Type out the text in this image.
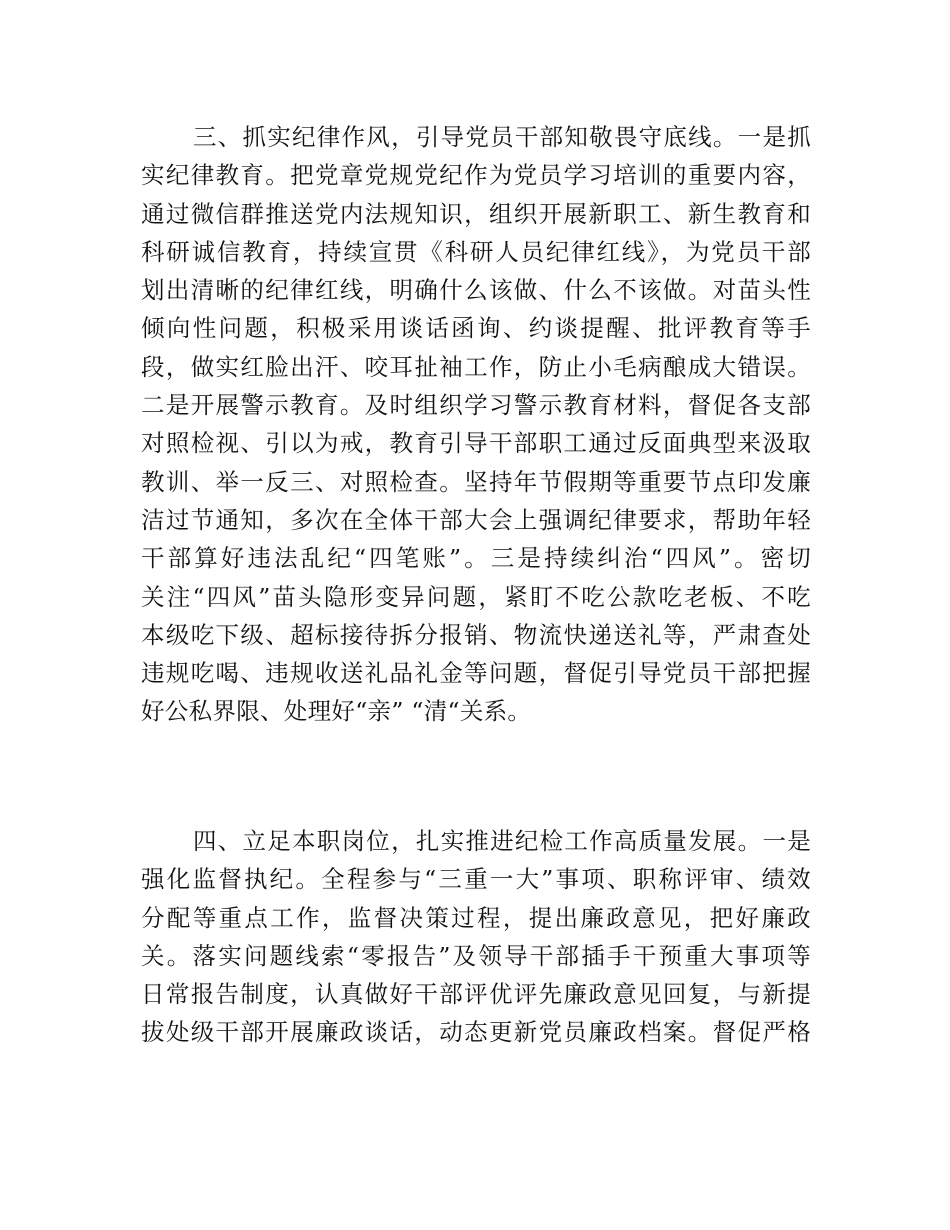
三、抓实纪律作风，引导党员干部知敬畏守底线。一是抓
实纪律教育。把党章党规党纪作为党员学习培训的重要内容，
通过微信群推送党内法规知识，组织开展新职工、新生教育和
科研诚信教育，持续宣贯《科研人员纪律红线》，为党员干部
划出清晰的纪律红线，明确什么该做、什么不该做。对苗头性
倾向性问题，积极采用谈话函询、约谈提醒、批评教育等手
段，做实红脸出汗、咬耳扯袖工作，防止小毛病酿成大错误。
二是开展警示教育。及时组织学习警示教育材料，督促各支部
对照检视、引以为戒，教育引导干部职工通过反面典型来汲取
教训、举一反三、对照检查。坚持年节假期等重要节点印发廉
洁过节通知，多次在全体干部大会上强调纪律要求，帮助年轻
干部算好违法乱纪“四笔账”。三是持续纠治“四风”。密切
关注“四风”苗头隐形变异问题，紧盯不吃公款吃老板、不吃
本级吃下级、超标接待拆分报销、物流快递送礼等，严肃查处
违规吃喝、违规收送礼品礼金等问题，督促引导党员干部把握
好公私界限、处理好“亲” “清“关系。
四、立足本职岗位，扎实推进纪检工作高质量发展。一是
强化监督执纪。全程参与“三重一大”事项、职称评审、绩效
分配等重点工作，监督决策过程，提出廉政意见，把好廉政
关。落实问题线索“零报告”及领导干部插手干预重大事项等
日常报告制度，认真做好干部评优评先廉政意见回复，与新提
拔处级干部开展廉政谈话，动态更新党员廉政档案。督促严格
